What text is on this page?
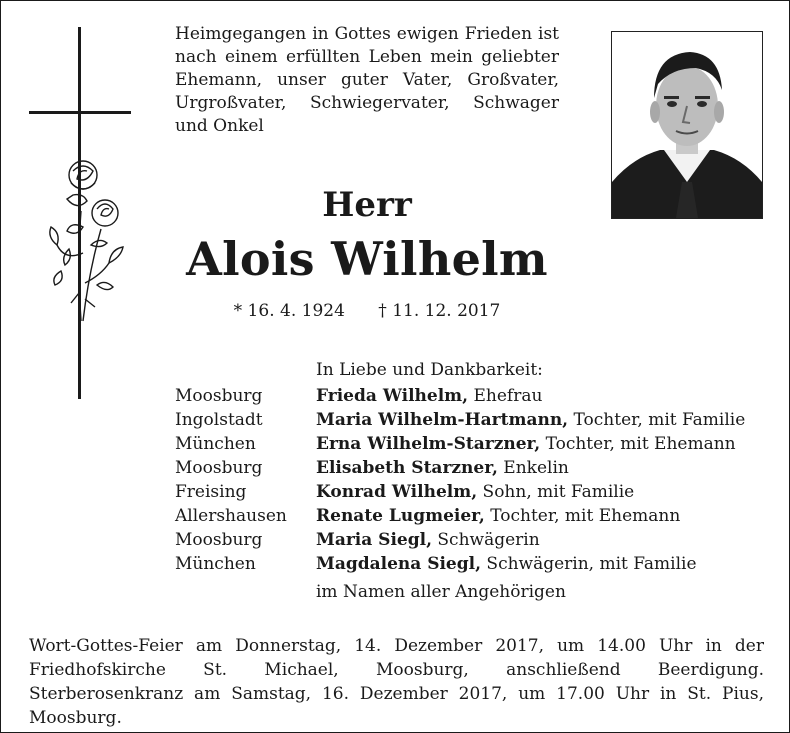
Heimgegangen in Gottes ewigen Frieden ist nach einem erfüllten Leben mein geliebter Ehemann, unser guter Vater, Großvater, Urgroßvater, Schwiegervater, Schwager und Onkel

Herr

Alois Wilhelm

* 16. 4. 1924 † 11. 12. 2017

In Liebe und Dankbarkeit:

Moosburg	Frieda Wilhelm, Ehefrau
Ingolstadt	Maria Wilhelm-Hartmann, Tochter, mit Familie
München	Erna Wilhelm-Starzner, Tochter, mit Ehemann
Moosburg	Elisabeth Starzner, Enkelin
Freising	Konrad Wilhelm, Sohn, mit Familie
Allershausen	Renate Lugmeier, Tochter, mit Ehemann
Moosburg	Maria Siegl, Schwägerin
München	Magdalena Siegl, Schwägerin, mit Familie

im Namen aller Angehörigen

Wort-Gottes-Feier am Donnerstag, 14. Dezember 2017, um 14.00 Uhr in der Friedhofskirche St. Michael, Moosburg, anschließend Beerdigung. Sterberosenkranz am Samstag, 16. Dezember 2017, um 17.00 Uhr in St. Pius, Moosburg.
